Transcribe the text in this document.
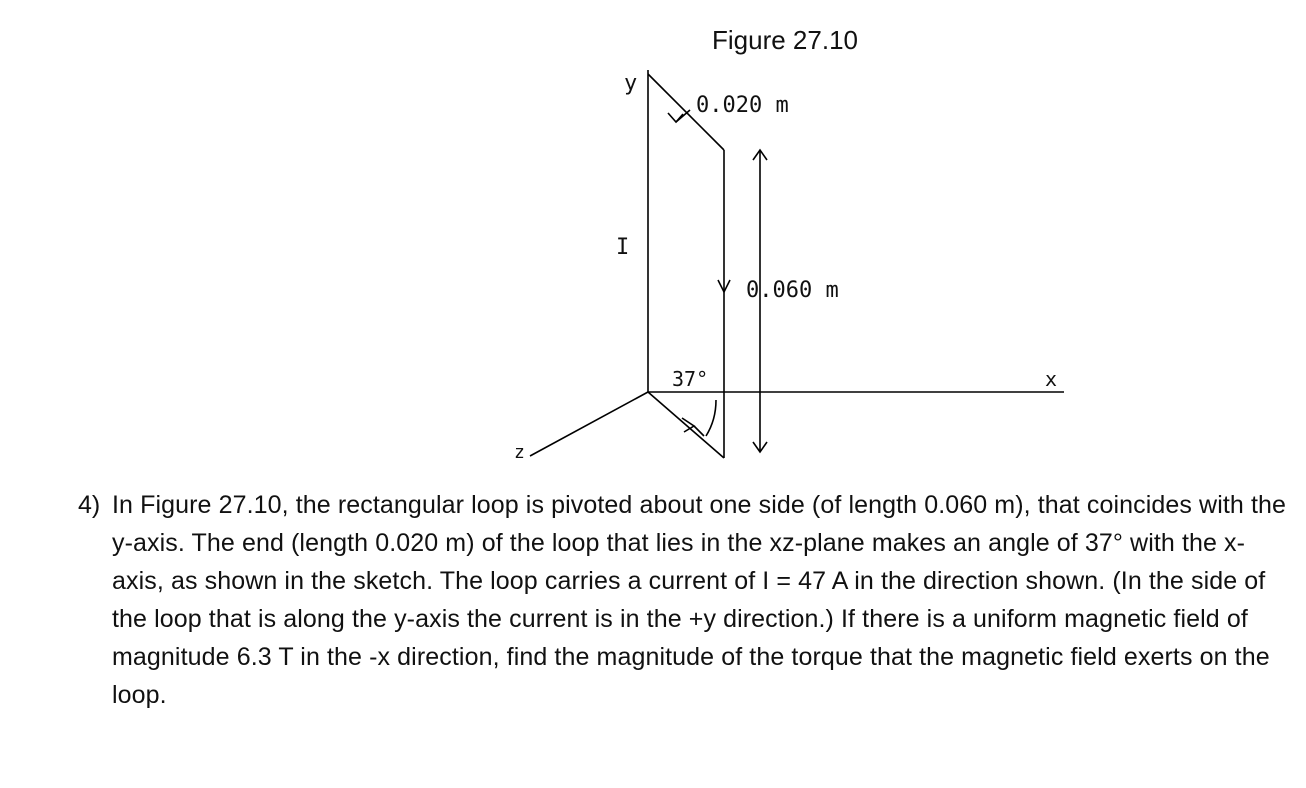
Figure 27.10
y
x
z
I
0.020 m
0.060 m
37°
4) In Figure 27.10, the rectangular loop is pivoted about one side (of length 0.060 m), that coincides with the y-axis. The end (length 0.020 m) of the loop that lies in the xz-plane makes an angle of 37° with the x-axis, as shown in the sketch. The loop carries a current of I = 47 A in the direction shown. (In the side of the loop that is along the y-axis the current is in the +y direction.) If there is a uniform magnetic field of magnitude 6.3 T in the -x direction, find the magnitude of the torque that the magnetic field exerts on the loop.
